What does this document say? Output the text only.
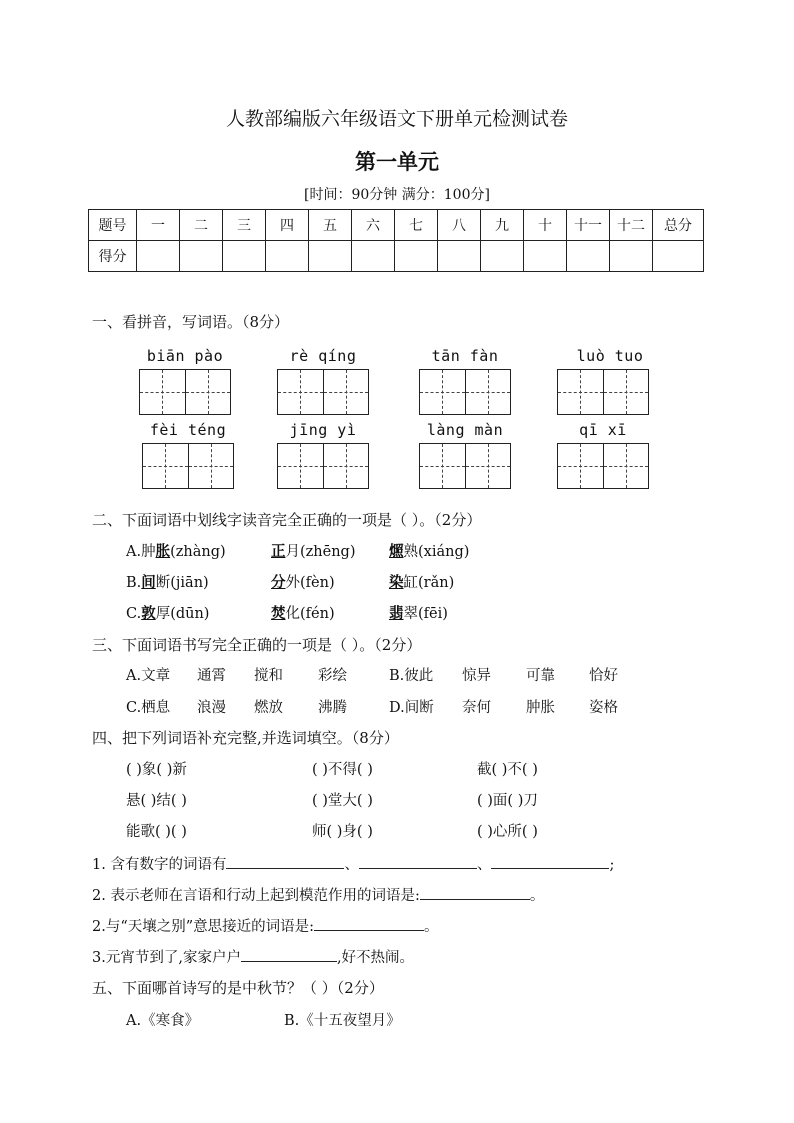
人教部编版六年级语文下册单元检测试卷
第一单元
[时间：90分钟 满分：100分]
题号	一	二	三	四	五	六	七	八	九	十	十一	十二	总分
得分													
一、看拼音，写词语。（8分）
biān pào	rè qíng	tān fàn	luò tuo
fèi téng	jīng yì	làng màn	qī xī
二、下面词语中划线字读音完全正确的一项是（ ）。（2分）
A.肿胀(zhàng)	正月(zhēng) 燳熟(xiáng)
B.间断(jiān)	分外(fèn)	染缸(rǎn)
C.敦厚(dūn)	焚化(fén)	翡翠(fēi)
三、下面词语书写完全正确的一项是（ ）。（2分）
A.文章 通霄 搅和 彩绘	B.彼此 惊异 可靠 恰好
C.栖息 浪漫 燃放 沸腾	D.间断 奈何 肿胀 姿格
四、把下列词语补充完整,并选词填空。（8分）
( )象( )新	( )不得( )	截( )不( )
悬( )结( )	( )堂大( )	( )面( )刀
能歌( )( )	师( )身( )	( )心所( )
1. 含有数字的词语有	、	、	;
2. 表示老师在言语和行动上起到模范作用的词语是:	。
2.与“天壤之别”意思接近的词语是:	。
3.元宵节到了,家家户户	,好不热闹。
五、下面哪首诗写的是中秋节？（ ）（2分）
A.《寒食》	B.《十五夜望月》
